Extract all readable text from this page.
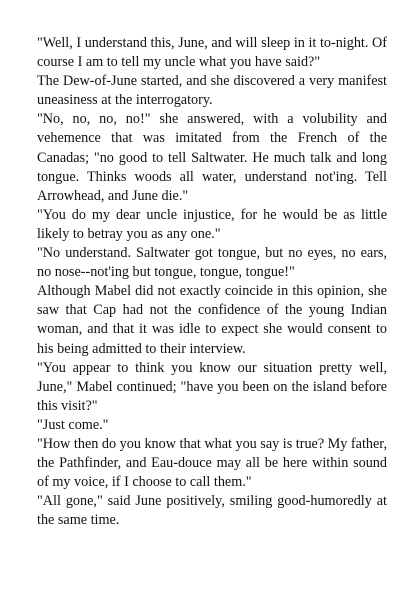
"Well, I understand this, June, and will sleep in it to-night. Of course I am to tell my uncle what you have said?"

The Dew-of-June started, and she discovered a very manifest uneasiness at the interrogatory.

"No, no, no, no!" she answered, with a volubility and vehemence that was imitated from the French of the Canadas; "no good to tell Saltwater. He much talk and long tongue. Thinks woods all water, understand not'ing. Tell Arrowhead, and June die."

"You do my dear uncle injustice, for he would be as little likely to betray you as any one."

"No understand. Saltwater got tongue, but no eyes, no ears, no nose--not'ing but tongue, tongue, tongue!"

Although Mabel did not exactly coincide in this opinion, she saw that Cap had not the confidence of the young Indian woman, and that it was idle to expect she would consent to his being admitted to their interview.

"You appear to think you know our situation pretty well, June," Mabel continued; "have you been on the island before this visit?"

"Just come."

"How then do you know that what you say is true? My father, the Pathfinder, and Eau-douce may all be here within sound of my voice, if I choose to call them."

"All gone," said June positively, smiling good-humoredly at the same time.
